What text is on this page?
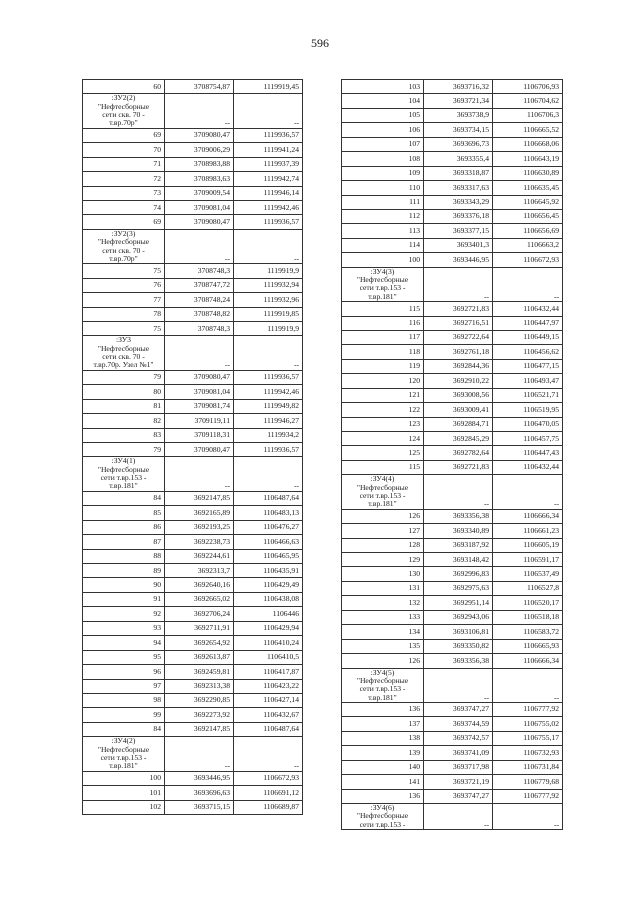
596
60	3708754,87	1119919,45
:ЗУ2(2)
"Нефтесборные
сети скв. 70 -
т.вр.70р"	--	--
69	3709080,47	1119936,57
70	3709006,29	1119941,24
71	3708983,88	1119937,39
72	3708983,63	1119942,74
73	3709009,54	1119946,14
74	3709081,04	1119942,46
69	3709080,47	1119936,57
:ЗУ2(3)
"Нефтесборные
сети скв. 70 -
т.вр.70р"	--	--
75	3708748,3	1119919,9
76	3708747,72	1119932,94
77	3708748,24	1119932,96
78	3708748,82	1119919,85
75	3708748,3	1119919,9
:ЗУ3
"Нефтесборные
сети скв. 70 -
т.вр.70р. Узел №1"	--	--
79	3709080,47	1119936,57
80	3709081,04	1119942,46
81	3709081,74	1119949,82
82	3709119,11	1119946,27
83	3709118,31	1119934,2
79	3709080,47	1119936,57
:ЗУ4(1)
"Нефтесборные
сети т.вр.153 -
т.вр.181"	--	--
84	3692147,85	1106487,64
85	3692165,89	1106483,13
86	3692193,25	1106476,27
87	3692238,73	1106466,63
88	3692244,61	1106465,95
89	3692313,7	1106435,91
90	3692640,16	1106429,49
91	3692665,02	1106438,08
92	3692706,24	1106446
93	3692711,91	1106429,94
94	3692654,92	1106410,24
95	3692613,87	1106410,5
96	3692459,81	1106417,87
97	3692313,38	1106423,22
98	3692290,85	1106427,14
99	3692273,92	1106432,67
84	3692147,85	1106487,64
:ЗУ4(2)
"Нефтесборные
сети т.вр.153 -
т.вр.181"	--	--
100	3693446,95	1106672,93
101	3693696,63	1106691,12
102	3693715,15	1106689,87
103	3693716,32	1106706,93
104	3693721,34	1106704,62
105	3693738,9	1106706,3
106	3693734,15	1106665,52
107	3693696,73	1106668,06
108	3693355,4	1106643,19
109	3693318,87	1106630,89
110	3693317,63	1106635,45
111	3693343,29	1106645,92
112	3693376,18	1106656,45
113	3693377,15	1106656,69
114	3693401,3	1106663,2
100	3693446,95	1106672,93
:ЗУ4(3)
"Нефтесборные
сети т.вр.153 -
т.вр.181"	--	--
115	3692721,83	1106432,44
116	3692716,51	1106447,97
117	3692722,64	1106449,15
118	3692761,18	1106456,62
119	3692844,36	1106477,15
120	3692910,22	1106493,47
121	3693008,56	1106521,71
122	3693009,41	1106519,95
123	3692884,71	1106470,05
124	3692845,29	1106457,75
125	3692782,64	1106447,43
115	3692721,83	1106432,44
:ЗУ4(4)
"Нефтесборные
сети т.вр.153 -
т.вр.181"	--	--
126	3693356,38	1106666,34
127	3693340,89	1106661,23
128	3693187,92	1106605,19
129	3693148,42	1106591,17
130	3692996,83	1106537,49
131	3692975,63	1106527,8
132	3692951,14	1106520,17
133	3692943,06	1106518,18
134	3693106,81	1106583,72
135	3693350,82	1106665,93
126	3693356,38	1106666,34
:ЗУ4(5)
"Нефтесборные
сети т.вр.153 -
т.вр.181"	--	--
136	3693747,27	1106777,92
137	3693744,59	1106755,02
138	3693742,57	1106755,17
139	3693741,09	1106732,93
140	3693717,98	1106731,84
141	3693721,19	1106779,68
136	3693747,27	1106777,92
:ЗУ4(6)
"Нефтесборные
сети т.вр.153 -	--	--
